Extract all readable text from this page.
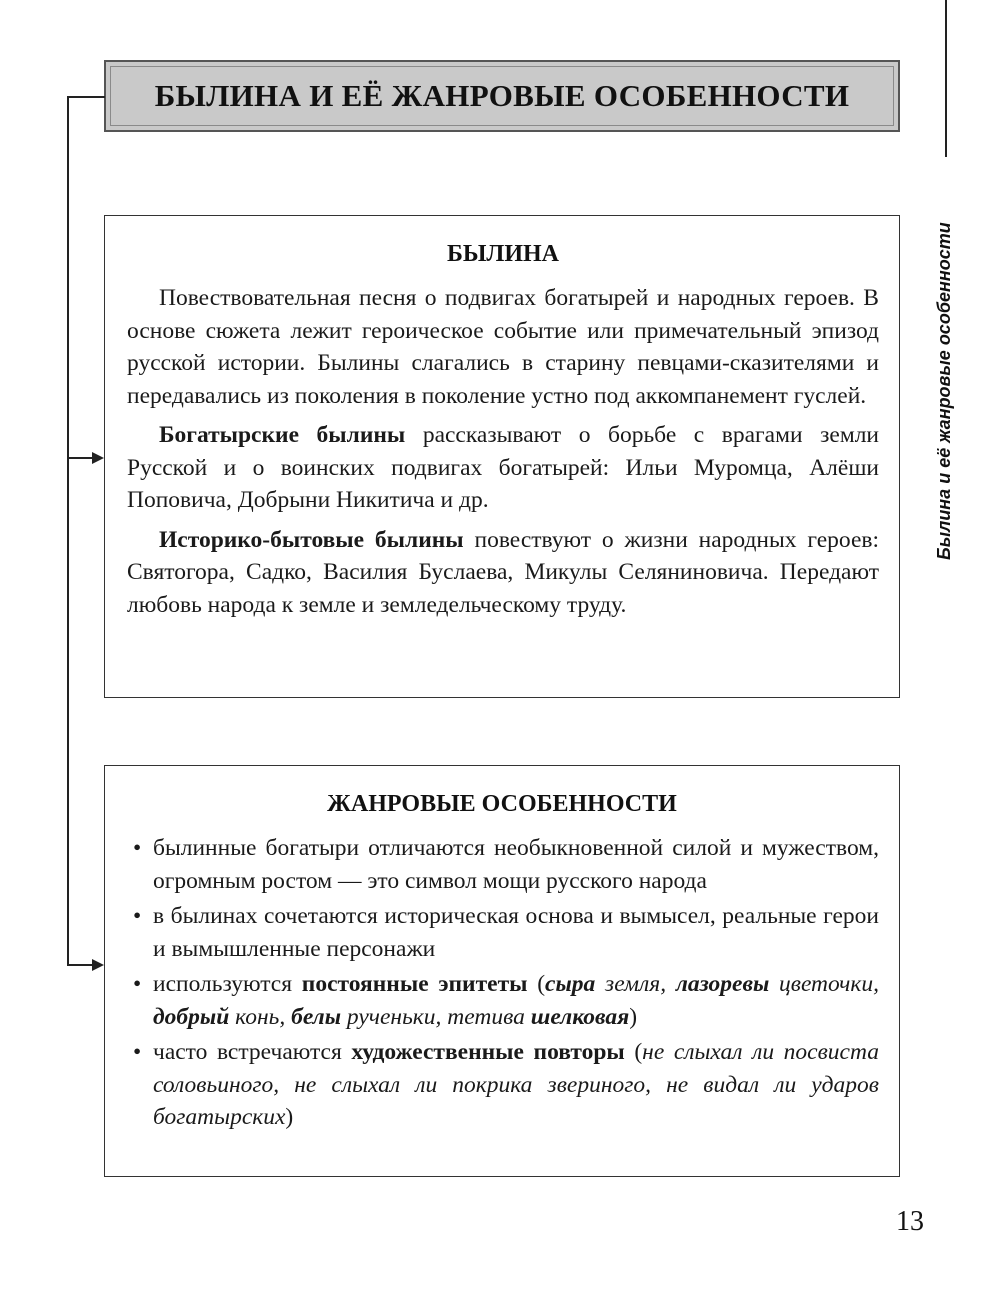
БЫЛИНА И ЕЁ ЖАНРОВЫЕ ОСОБЕННОСТИ
Былина и её жанровые особенности
БЫЛИНА

Повествовательная песня о подвигах богатырей и народных героев. В основе сюжета лежит героическое событие или примечательный эпизод русской истории. Былины слагались в старину певцами-сказителями и передавались из поколения в поколение устно под аккомпанемент гуслей.

Богатырские былины рассказывают о борьбе с врагами земли Русской и о воинских подвигах богатырей: Ильи Муромца, Алёши Поповича, Добрыни Никитича и др.

Историко-бытовые былины повествуют о жизни народных героев: Святогора, Садко, Василия Буслаева, Микулы Селяниновича. Передают любовь народа к земле и земледельческому труду.

ЖАНРОВЫЕ ОСОБЕННОСТИ
• былинные богатыри отличаются необыкновенной силой и мужеством, огромным ростом — это символ мощи русского народа
• в былинах сочетаются историческая основа и вымысел, реальные герои и вымышленные персонажи
• используются постоянные эпитеты (сыра земля, лазоревы цветочки, добрый конь, белы рученьки, тетива шелковая)
• часто встречаются художественные повторы (не слыхал ли посвиста соловьиного, не слыхал ли покрика звериного, не видал ли ударов богатырских)
13
